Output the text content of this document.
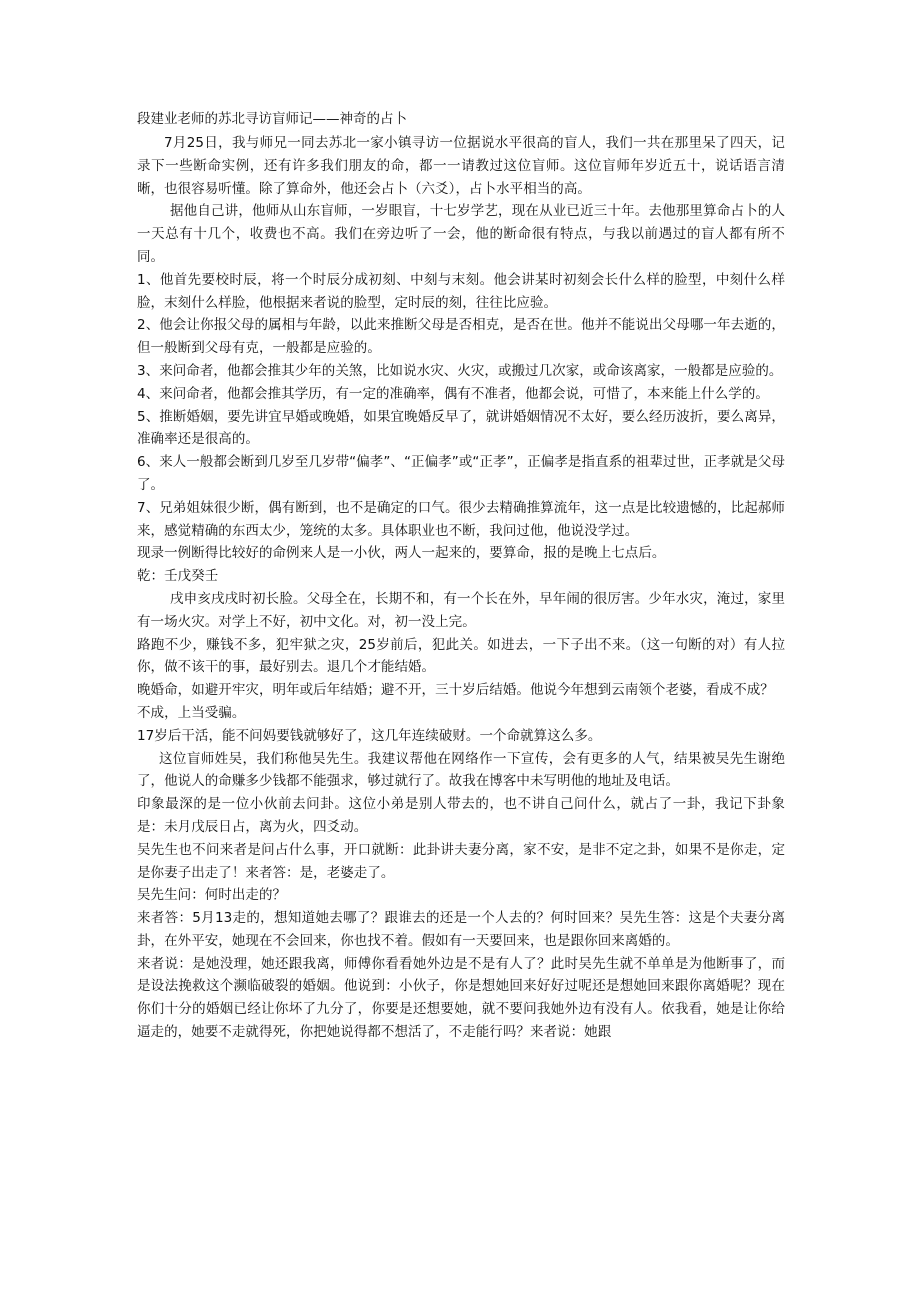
段建业老师的苏北寻访盲师记——神奇的占卜

7月25日，我与师兄一同去苏北一家小镇寻访一位据说水平很高的盲人，我们一共在那里呆了四天，记录下一些断命实例，还有许多我们朋友的命，都一一请教过这位盲师。这位盲师年岁近五十，说话语言清晰，也很容易听懂。除了算命外，他还会占卜（六爻），占卜水平相当的高。

据他自己讲，他师从山东盲师，一岁眼盲，十七岁学艺，现在从业已近三十年。去他那里算命占卜的人一天总有十几个，收费也不高。我们在旁边听了一会，他的断命很有特点，与我以前遇过的盲人都有所不同。

1、他首先要校时辰，将一个时辰分成初刻、中刻与末刻。他会讲某时初刻会长什么样的脸型，中刻什么样脸，末刻什么样脸，他根据来者说的脸型，定时辰的刻，往往比应验。

2、他会让你报父母的属相与年龄，以此来推断父母是否相克，是否在世。他并不能说出父母哪一年去逝的，但一般断到父母有克，一般都是应验的。

3、来问命者，他都会推其少年的关煞，比如说水灾、火灾，或搬过几次家，或命该离家，一般都是应验的。

4、来问命者，他都会推其学历，有一定的准确率，偶有不准者，他都会说，可惜了，本来能上什么学的。

5、推断婚姻，要先讲宜早婚或晚婚，如果宜晚婚反早了，就讲婚姻情况不太好，要么经历波折，要么离异，准确率还是很高的。

6、来人一般都会断到几岁至几岁带“偏孝”、“正偏孝”或“正孝”，正偏孝是指直系的祖辈过世，正孝就是父母了。

7、兄弟姐妹很少断，偶有断到，也不是确定的口气。很少去精确推算流年，这一点是比较遗憾的，比起郝师来，感觉精确的东西太少，笼统的太多。具体职业也不断，我问过他，他说没学过。

现录一例断得比较好的命例来人是一小伙，两人一起来的，要算命，报的是晚上七点后。

乾：壬戊癸壬

戌申亥戌戌时初长脸。父母全在，长期不和，有一个长在外，早年闹的很厉害。少年水灾，淹过，家里有一场火灾。对学上不好，初中文化。对，初一没上完。

路跑不少，赚钱不多，犯牢狱之灾，25岁前后，犯此关。如进去，一下子出不来。（这一句断的对）有人拉你，做不该干的事，最好别去。退几个才能结婚。

晚婚命，如避开牢灾，明年或后年结婚；避不开，三十岁后结婚。他说今年想到云南领个老婆，看成不成？

不成，上当受骗。

17岁后干活，能不问妈要钱就够好了，这几年连续破财。一个命就算这么多。

这位盲师姓吴，我们称他吴先生。我建议帮他在网络作一下宣传，会有更多的人气，结果被吴先生谢绝了，他说人的命赚多少钱都不能强求，够过就行了。故我在博客中未写明他的地址及电话。

印象最深的是一位小伙前去问卦。这位小弟是别人带去的，也不讲自己问什么，就占了一卦，我记下卦象是：未月戊辰日占，离为火，四爻动。

吴先生也不问来者是问占什么事，开口就断：此卦讲夫妻分离，家不安，是非不定之卦，如果不是你走，定是你妻子出走了！来者答：是，老婆走了。

吴先生问：何时出走的？

来者答：5月13走的，想知道她去哪了？跟谁去的还是一个人去的？何时回来？吴先生答：这是个夫妻分离卦，在外平安，她现在不会回来，你也找不着。假如有一天要回来，也是跟你回来离婚的。

来者说：是她没理，她还跟我离，师傅你看看她外边是不是有人了？此时吴先生就不单单是为他断事了，而是设法挽救这个濒临破裂的婚姻。他说到：小伙子，你是想她回来好好过呢还是想她回来跟你离婚呢？现在你们十分的婚姻已经让你坏了九分了，你要是还想要她，就不要问我她外边有没有人。依我看，她是让你给逼走的，她要不走就得死，你把她说得都不想活了，不走能行吗？来者说：她跟
